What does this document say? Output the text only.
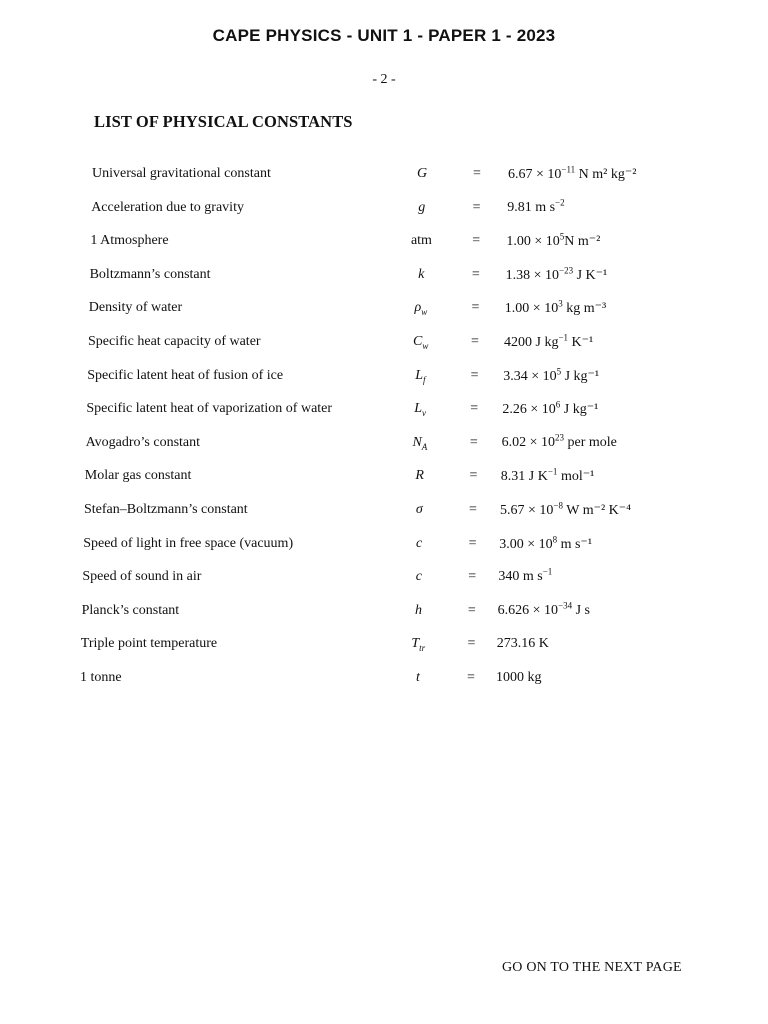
CAPE PHYSICS - UNIT 1 - PAPER 1 - 2023
- 2 -
LIST OF PHYSICAL CONSTANTS
Universal gravitational constant	G	= $6.67 \times 10^{-11}$ N m² kg⁻²
Acceleration due to gravity	g	= 9.81 m $s^{-2}$
1 Atmosphere	atm	= $1.00 \times 10^5N$ m⁻²
Boltzmann’s constant	k	= $1.38 \times 10^{-23}$ J K⁻¹
Density of water	$\rho_w$	= $1.00 \times 10^3$ kg m⁻³
Specific heat capacity of water	$C_w$	= 4200 J $kg^{-1}$ K⁻¹
Specific latent heat of fusion of ice	$L_f$	= $3.34 \times 10^5$ J kg⁻¹
Specific latent heat of vaporization of water	$L_v$	= $2.26 \times 10^6$ J kg⁻¹
Avogadro’s constant	$N_A$	= $6.02 \times 10^{23}$ per mole
Molar gas constant	R	= 8.31 J $K^{-1}$ mol⁻¹
Stefan–Boltzmann’s constant	σ	= $5.67 \times 10^{-8}$ W m⁻² K⁻⁴
Speed of light in free space (vacuum)	c	= $3.00 \times 10^8$ m s⁻¹
Speed of sound in air	c	= 340 m $s^{-1}$
Planck’s constant	h	= $6.626 \times 10^{-34}$ J s
Triple point temperature	$T_{tr}$	= 273.16 K
1 tonne	t	= 1000 kg
GO ON TO THE NEXT PAGE
